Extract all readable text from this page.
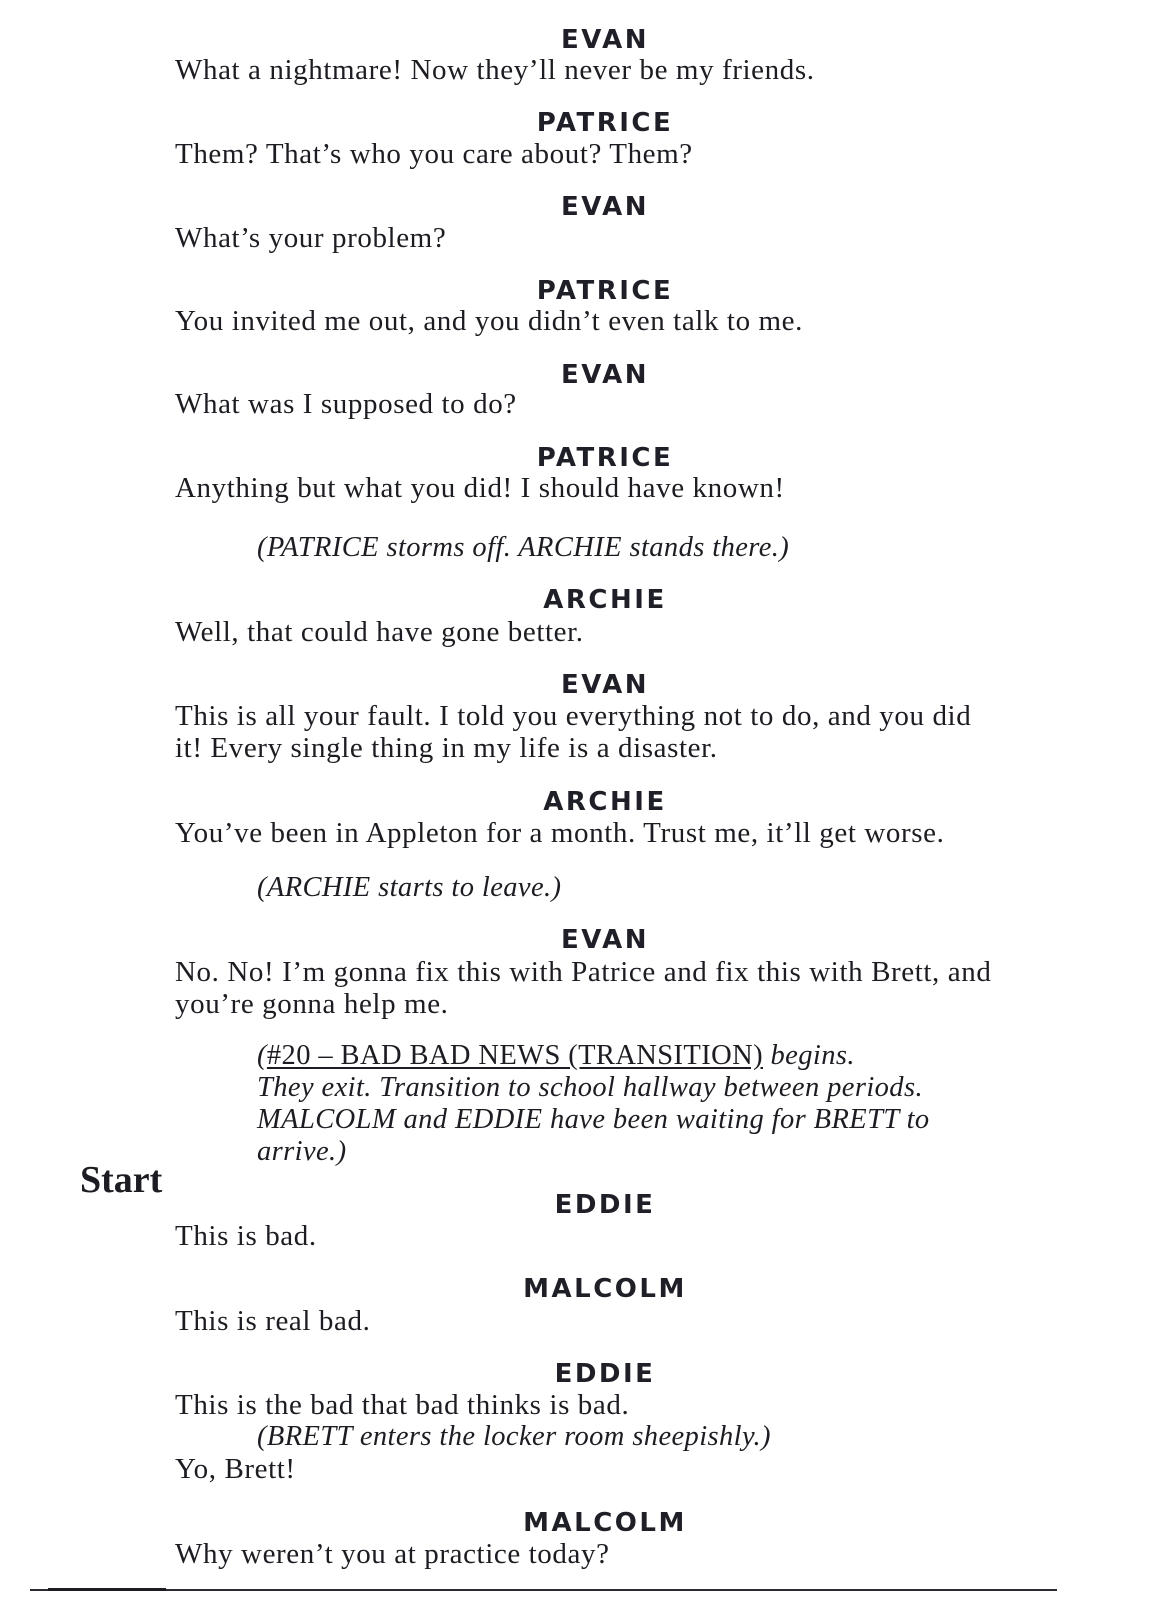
EVAN
What a nightmare! Now they’ll never be my friends.
PATRICE
Them? That’s who you care about? Them?
EVAN
What’s your problem?
PATRICE
You invited me out, and you didn’t even talk to me.
EVAN
What was I supposed to do?
PATRICE
Anything but what you did! I should have known!
(PATRICE storms off. ARCHIE stands there.)
ARCHIE
Well, that could have gone better.
EVAN
This is all your fault. I told you everything not to do, and you did
it! Every single thing in my life is a disaster.
ARCHIE
You’ve been in Appleton for a month. Trust me, it’ll get worse.
(ARCHIE starts to leave.)
EVAN
No. No! I’m gonna fix this with Patrice and fix this with Brett, and
you’re gonna help me.
(#20 – BAD BAD NEWS (TRANSITION) begins.
They exit. Transition to school hallway between periods.
MALCOLM and EDDIE have been waiting for BRETT to
arrive.)
Start
EDDIE
This is bad.
MALCOLM
This is real bad.
EDDIE
This is the bad that bad thinks is bad.
(BRETT enters the locker room sheepishly.)
Yo, Brett!
MALCOLM
Why weren’t you at practice today?
